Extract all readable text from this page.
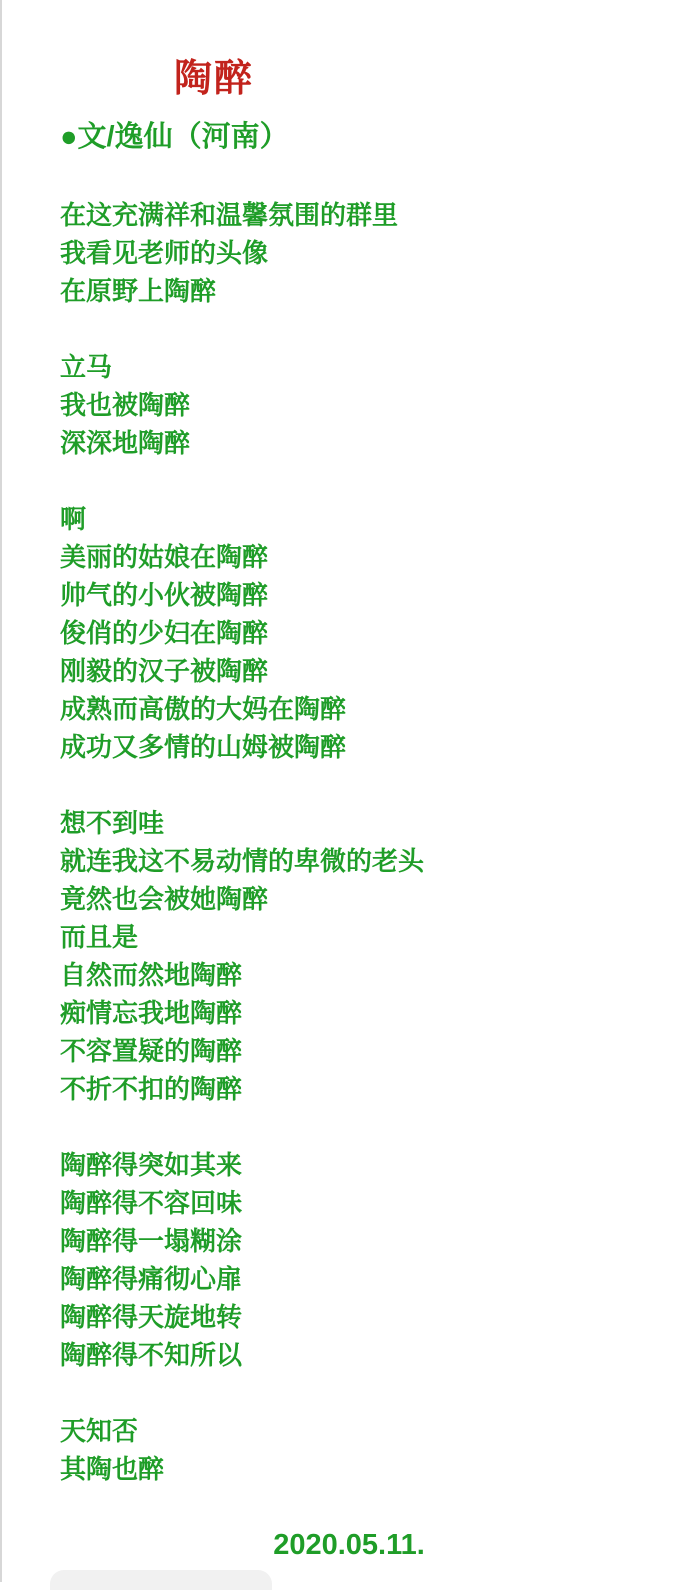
陶醉
●文/逸仙（河南）
在这充满祥和温馨氛围的群里
我看见老师的头像
在原野上陶醉
立马
我也被陶醉
深深地陶醉
啊
美丽的姑娘在陶醉
帅气的小伙被陶醉
俊俏的少妇在陶醉
刚毅的汉子被陶醉
成熟而高傲的大妈在陶醉
成功又多情的山姆被陶醉
想不到哇
就连我这不易动情的卑微的老头
竟然也会被她陶醉
而且是
自然而然地陶醉
痴情忘我地陶醉
不容置疑的陶醉
不折不扣的陶醉
陶醉得突如其来
陶醉得不容回味
陶醉得一塌糊涂
陶醉得痛彻心扉
陶醉得天旋地转
陶醉得不知所以
天知否
其陶也醉
2020.05.11.
